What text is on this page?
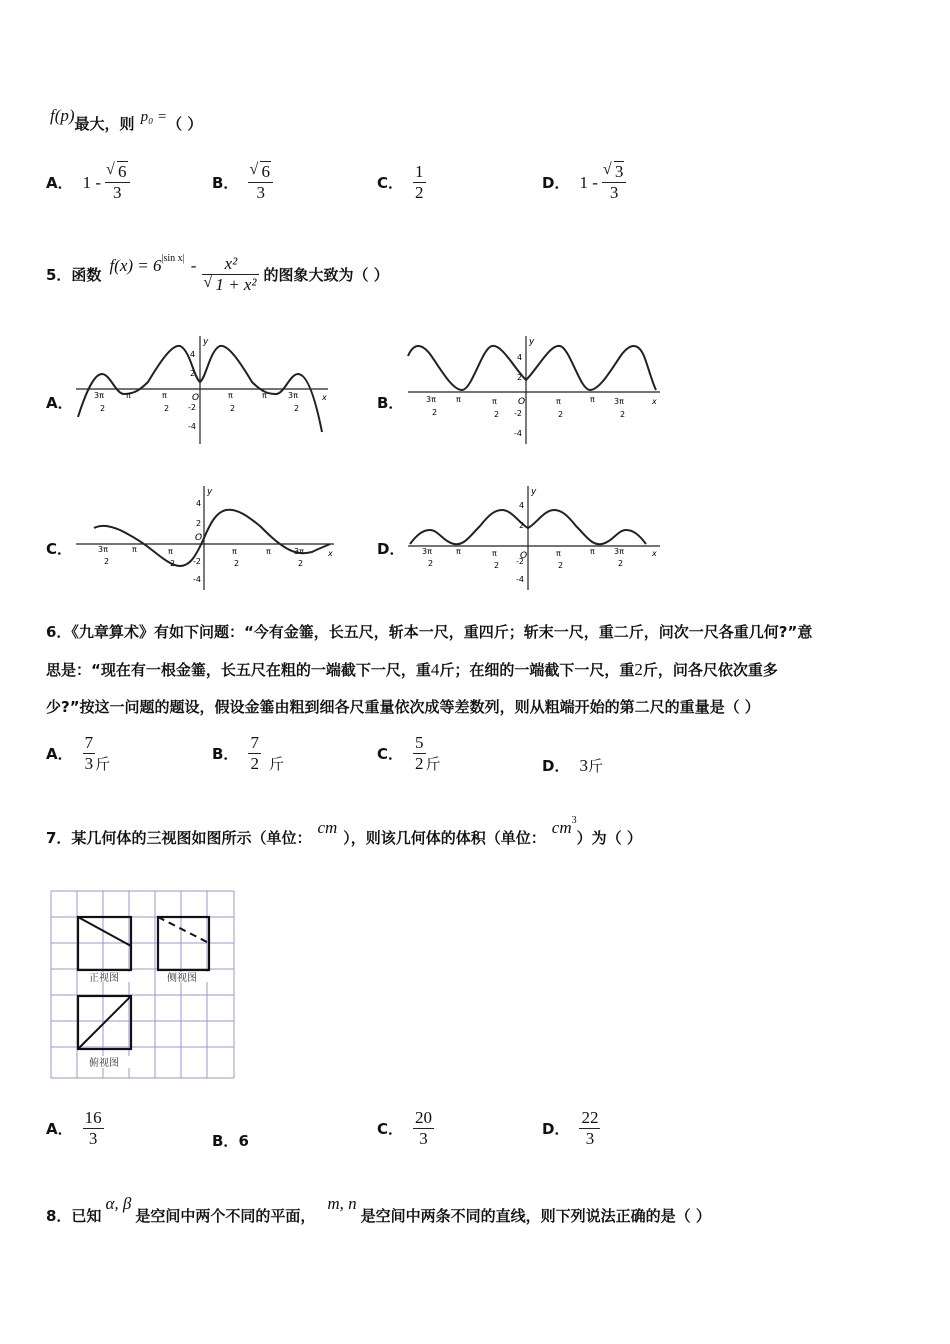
f(p) 最大，则 p₀ = （ ）
A． 1 - √ $\frac{6}{3}$	B． √ $\frac{6}{3}$	C． $\frac{1}{2}$	D． 1 - √ $\frac{3}{3}$
5．函数 f(x) = 6 |sin x| - x²
√ 1 + x² 的图象大致为（ ）
A．	B．
C．	D．
y
x
O
4
2
-2
-4
3π
2
π	π
2
π
2
π	3π
2
y
x
O
4
2
-2
-4
3π
2
π	π
2
π
2
π 3π
2
y
x
O
4
2
-2
-4
3π
2
π	π
2
π
2
π	3π
2
y
x
O
4
2
-2
-4
3π
2
π	π
2
π
2
π 3π
2
6．《九章算术》有如下问题：“今有金箠，长五尺，斩本一尺，重四斤；斩末一尺，重二斤，问次一尺各重几何?”意
思是：“现在有一根金箠，长五尺在粗的一端截下一尺，重4斤；在细的一端截下一尺，重2斤，问各尺依次重多
少?”按这一问题的题设，假设金箠由粗到细各尺重量依次成等差数列，则从粗端开始的第二尺的重量是（ ）
A． $\frac{7}{3}$ 斤
B． $\frac{7}{2}$ 斤
C． $\frac{5}{2}$ 斤	D． 3 斤
7．某几何体的三视图如图所示（单位：
cm
），则该几何体的体积（单位：
cm 3
）为（ ）
正视图	侧视图
俯视图
A． $\frac{16}{3}$	B． 6
C． $\frac{20}{3}$	D． $\frac{22}{3}$
8．已知
α, β
是空间中两个不同的平面，
m, n
是空间中两条不同的直线，则下列说法正确的是（ ）
